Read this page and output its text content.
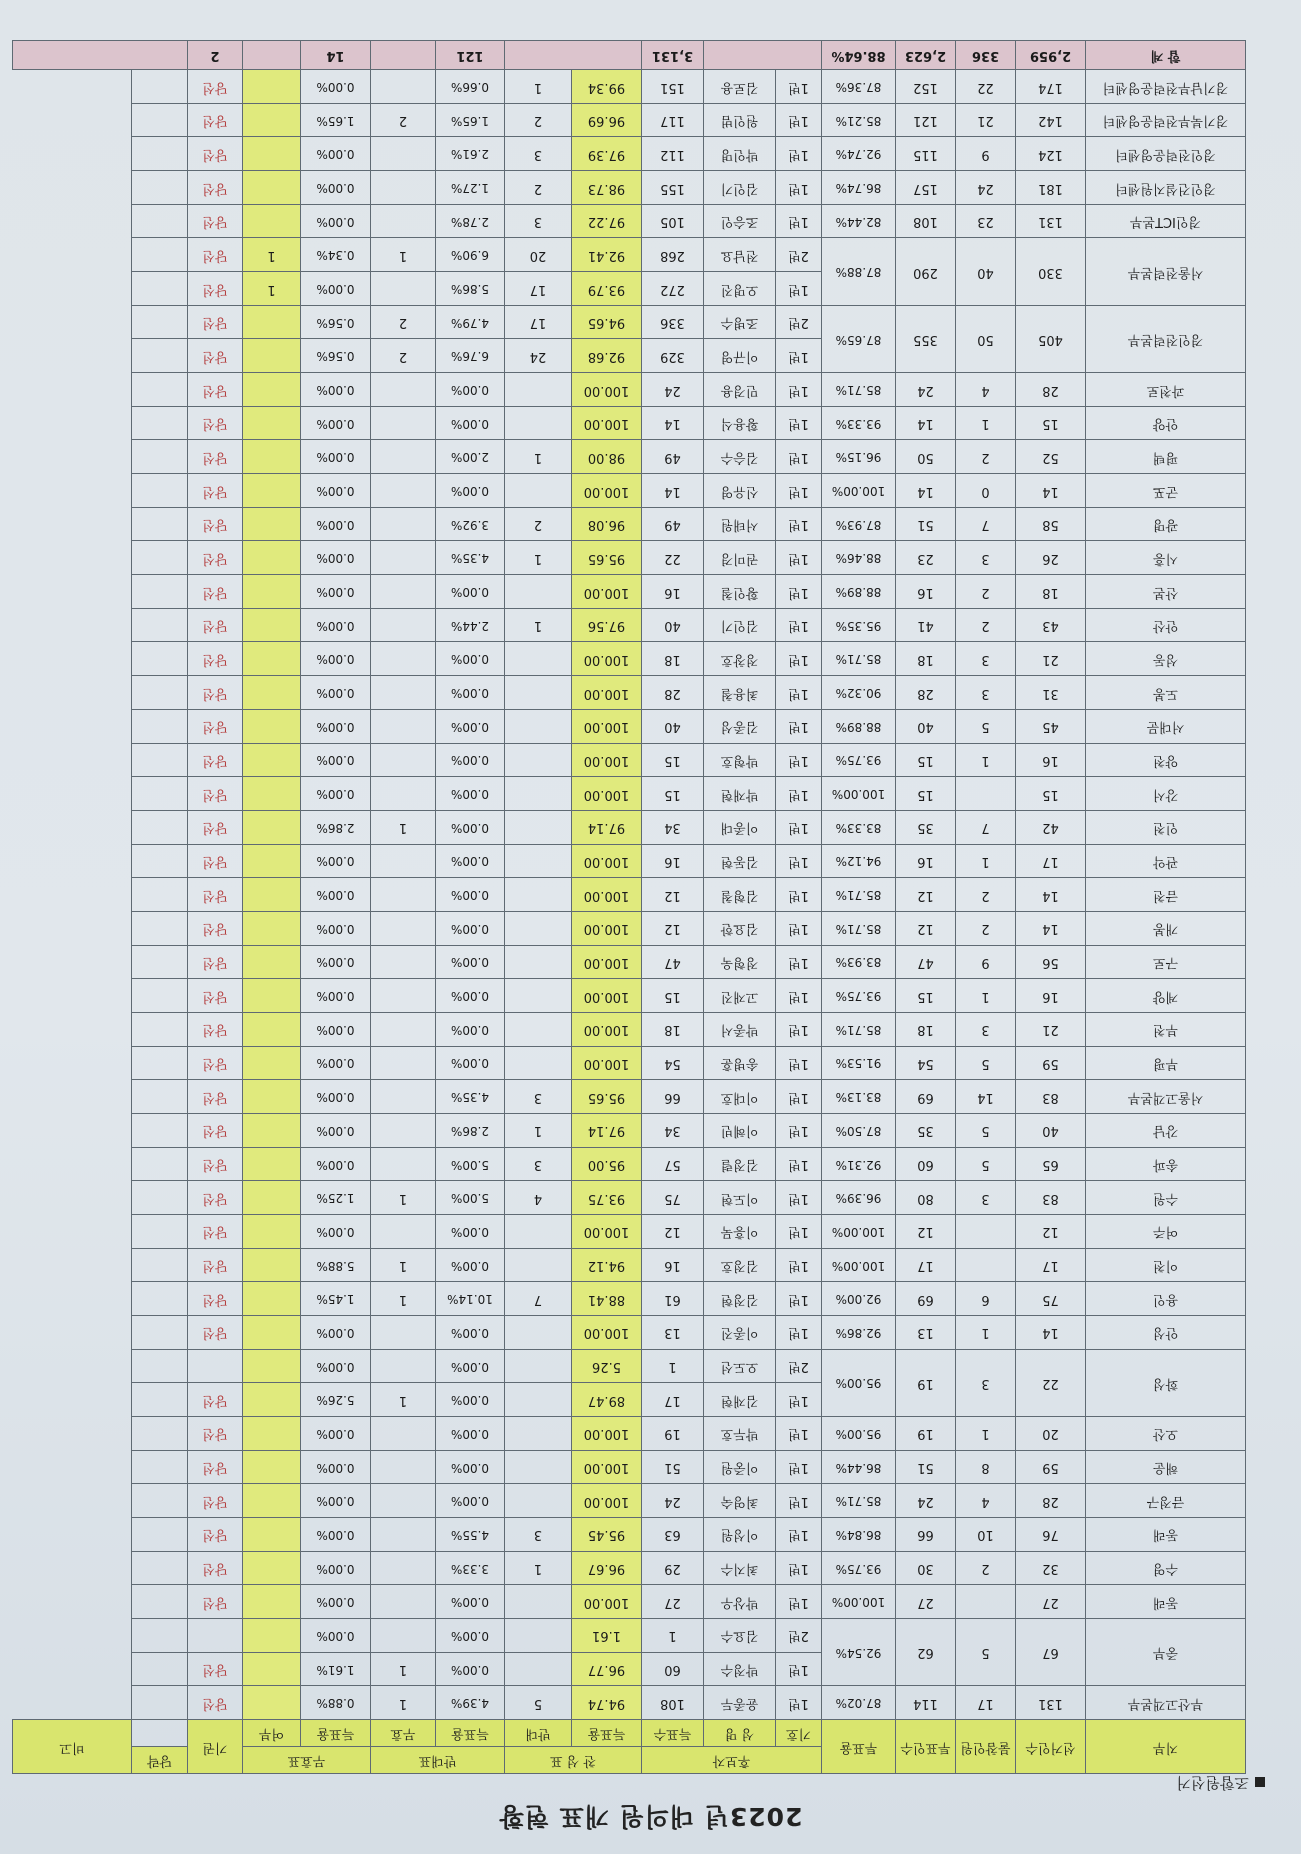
2023년 대의원 개표 현황
조합원선거
지부	선거인수	불참인원	투표인수	투표율	후보자			찬 성 표		반대표		무효표		기권	당락	비고
					기호	성 명	득표수	득표율	반대	득표율	무효	득표율	여부			
부산고객본부	131	17	114	87.02%	1번	윤종두	108	94.74	5	4.39%	1	0.88%		당선		
중부	67	5	62	92.54%	1번	박정수	60	96.77		0.00%	1	1.61%		당선		
					2번	김요수	1	1.61		0.00%		0.00%				
동래	27		27	100.00%	1번	박상우	27	100.00		0.00%		0.00%		당선		
수영	32	2	30	93.75%	1번	최지수	29	96.67	1	3.33%		0.00%		당선		
동래	76	10	66	86.84%	1번	이성원	63	95.45	3	4.55%		0.00%		당선		
금정구	28	4	24	85.71%	1번	최영숙	24	100.00		0.00%		0.00%		당선		
해운	59	8	51	86.44%	1번	이중원	51	100.00		0.00%		0.00%		당선		
오산	20	1	19	95.00%	1번	박두호	19	100.00		0.00%		0.00%		당선		
화성	22	3	19	95.00%	1번	김재현	17	89.47		0.00%	1	5.26%		당선		
					2번	오도선	1	5.26		0.00%		0.00%				
안성	14	1	13	92.86%	1번	이종진	13	100.00		0.00%		0.00%		당선		
용인	75	6	69	92.00%	1번	김정현	61	88.41	7	10.14%	1	1.45%		당선		
이천	17		17	100.00%	1번	김정호	16	94.12		0.00%	1	5.88%		당선		
여주	12		12	100.00%	1번	이흥묵	12	100.00		0.00%		0.00%		당선		
수원	83	3	80	96.39%	1번	이도현	75	93.75	4	5.00%	1	1.25%		당선		
송파	65	5	60	92.31%	1번	김정렬	57	95.00	3	5.00%		0.00%		당선		
강남	40	5	35	87.50%	1번	이혜빈	34	97.14	1	2.86%		0.00%		당선		
서울고객본부	83	14	69	83.13%	1번	이대호	66	95.65	3	4.35%		0.00%		당선		
부평	59	5	54	91.53%	1번	송병훈	54	100.00		0.00%		0.00%		당선		
부천	21	3	18	85.71%	1번	박종서	18	100.00		0.00%		0.00%		당선		
계양	16	1	15	93.75%	1번	고재진	15	100.00		0.00%		0.00%		당선		
구로	56	9	47	83.93%	1번	정형욱	47	100.00		0.00%		0.00%		당선		
개봉	14	2	12	85.71%	1번	김요한	12	100.00		0.00%		0.00%		당선		
금천	14	2	12	85.71%	1번	김형철	12	100.00		0.00%		0.00%		당선		
관악	17	1	16	94.12%	1번	김동현	16	100.00		0.00%		0.00%		당선		
인천	42	7	35	83.33%	1번	이종대	34	97.14		0.00%	1	2.86%		당선		
강서	15		15	100.00%	1번	박재현	15	100.00		0.00%		0.00%		당선		
양천	16	1	15	93.75%	1번	박형호	15	100.00		0.00%		0.00%		당선		
서대문	45	5	40	88.89%	1번	김종성	40	100.00		0.00%		0.00%		당선		
도봉	31	3	28	90.32%	1번	최용철	28	100.00		0.00%		0.00%		당선		
성동	21	3	18	85.71%	1번	정창호	18	100.00		0.00%		0.00%		당선		
안산	43	2	41	95.35%	1번	김인기	40	97.56	1	2.44%		0.00%		당선		
산본	18	2	16	88.89%	1번	황인철	16	100.00		0.00%		0.00%		당선		
시흥	26	3	23	88.46%	1번	권미경	22	95.65	1	4.35%		0.00%		당선		
광명	58	7	51	87.93%	1번	서태원	49	96.08	2	3.92%		0.00%		당선		
군포	14	0	14	100.00%	1번	신유영	14	100.00		0.00%		0.00%		당선		
평택	52	2	50	96.15%	1번	김승수	49	98.00	1	2.00%		0.00%		당선		
안양	15	1	14	93.33%	1번	황용식	14	100.00		0.00%		0.00%		당선		
과천로	28	4	24	85.71%	1번	민경용	24	100.00		0.00%		0.00%		당선		
경인전력본부	405	50	355	87.65%	1번	이규영	329	92.68	24	6.76%	2	0.56%		당선		
					2번	조병수	336	94.65	17	4.79%	2	0.56%		당선		
서울전력본부	330	40	290	87.88%	1번	오명진	272	93.79	17	5.86%		0.00%	1	당선		
					2번	전남요	268	92.41	20	6.90%	1	0.34%	1	당선		
경인ICT본부	131	23	108	82.44%	1번	조승인	105	97.22	3	2.78%		0.00%		당선		
경인건설지원센터	181	24	157	86.74%	1번	김인기	155	98.73	2	1.27%		0.00%		당선		
경인전력운영센터	124	9	115	92.74%	1번	박인명	112	97.39	3	2.61%		0.00%		당선		
경기북부전력운영센터	142	21	121	85.21%	1번	원인범	117	96.69	2	1.65%	2	1.65%		당선		
경기남부전력운영센터	174	22	152	87.36%	1번	김로용	151	99.34	1	0.66%		0.00%		당선		
합 계	2,959	336	2,623	88.64%			3,131			121		14		2		
